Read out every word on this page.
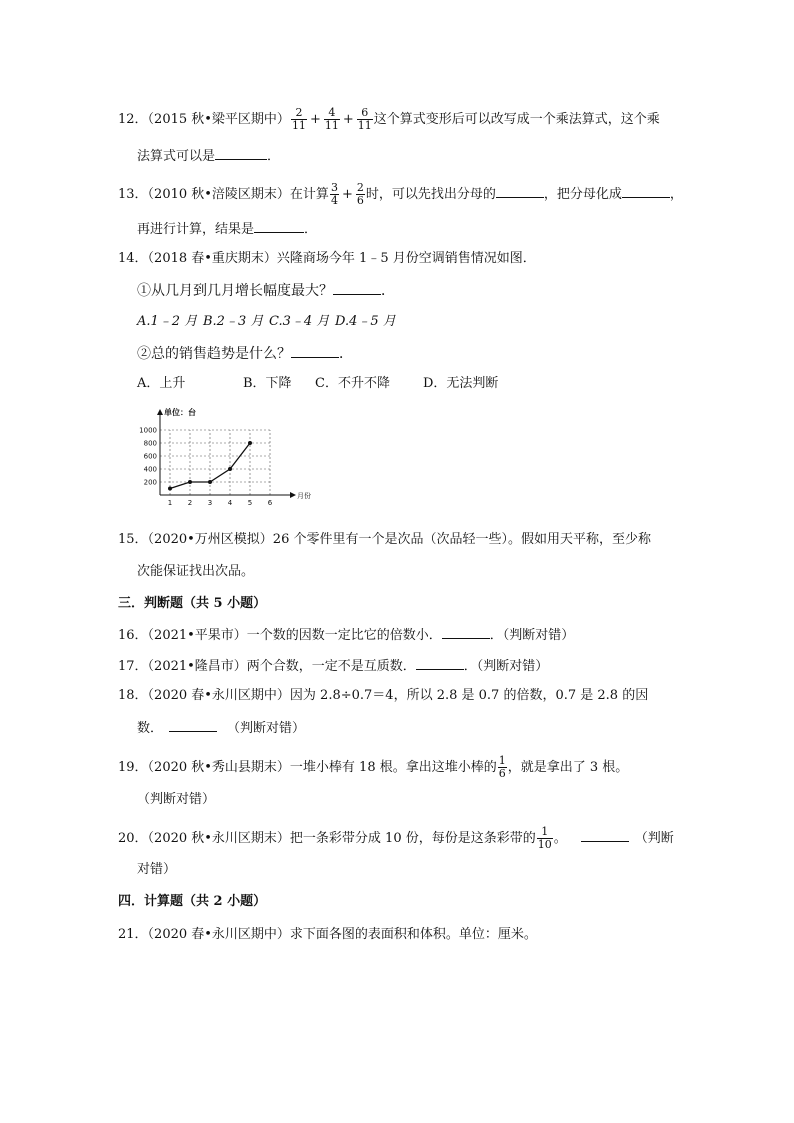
12．（2015 秋•梁平区期中） $\frac{2}{11} + \frac{4}{11} + \frac{6}{11}$ 这个算式变形后可以改写成一个乘法算式，这个乘
法算式可以是	．
13．（2010 秋•涪陵区期末）在计算 $\frac{3}{4} + \frac{2}{6}$ 时，可以先找出分母的	，把分母化成	，
再进行计算，结果是	．
14．（2018 春•重庆期末）兴隆商场今年 1﹣5 月份空调销售情况如图．
①从几月到几月增长幅度最大？	．
A.1﹣2 月 B.2﹣3 月 C.3﹣4 月 D.4﹣5 月
②总的销售趋势是什么？	．
A．上升	B．下降 C．不升不降	D．无法判断
200
400
600
800
1000
1 2 3 4 5 6
单位：台
月份
15．（2020•万州区模拟）26 个零件里有一个是次品（次品轻一些）。假如用天平称，至少称
次能保证找出次品。
三．判断题（共 5 小题）
16．（2021•平果市）一个数的因数一定比它的倍数小．	．（判断对错）
17．（2021•隆昌市）两个合数，一定不是互质数．	．（判断对错）
18．（2020 春•永川区期中）因为 2.8÷0.7＝4，所以 2.8 是 0.7 的倍数，0.7 是 2.8 的因
数．	（判断对错）
19．（2020 秋•秀山县期末）一堆小棒有 18 根。拿出这堆小棒的 $\frac{1}{6}$ ，就是拿出了 3 根。
（判断对错）
20．（2020 秋•永川区期末）把一条彩带分成 10 份，每份是这条彩带的 $\frac{1}{10}$ 。	（判断
对错）
四．计算题（共 2 小题）
21．（2020 春•永川区期中）求下面各图的表面积和体积。单位：厘米。
